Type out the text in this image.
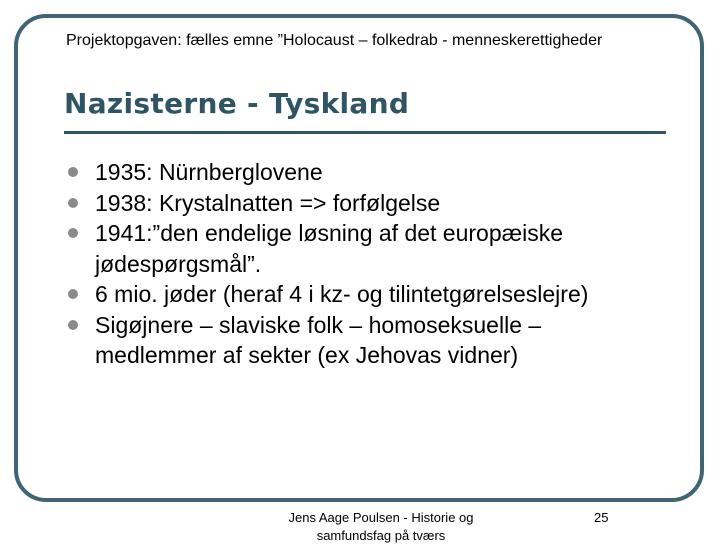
Projektopgaven: fælles emne ”Holocaust – folkedrab - menneskerettigheder
Nazisterne - Tyskland
1935: Nürnberglovene
1938: Krystalnatten => forfølgelse
1941:”den endelige løsning af det europæiske jødespørgsmål”.
6 mio. jøder (heraf 4 i kz- og tilintetgørelseslejre)
Sigøjnere – slaviske folk – homoseksuelle – medlemmer af sekter (ex Jehovas vidner)
Jens Aage Poulsen - Historie og
samfundsfag på tværs
25
